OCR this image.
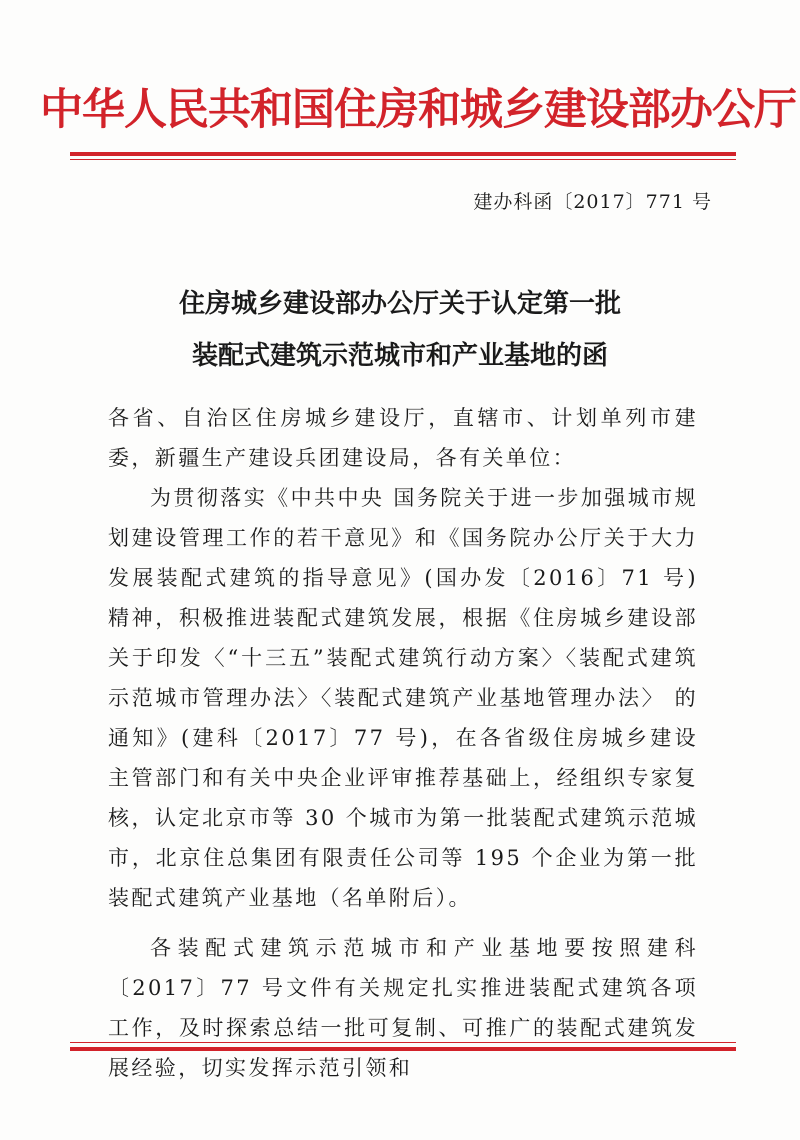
中华人民共和国住房和城乡建设部办公厅
建办科函〔2017〕771 号
住房城乡建设部办公厅关于认定第一批
装配式建筑示范城市和产业基地的函

各省、自治区住房城乡建设厅，直辖市、计划单列市建委，新疆生产建设兵团建设局，各有关单位：

为贯彻落实《中共中央 国务院关于进一步加强城市规划建设管理工作的若干意见》和《国务院办公厅关于大力发展装配式建筑的指导意见》(国办发〔2016〕71 号) 精神，积极推进装配式建筑发展，根据《住房城乡建设部关于印发〈“十三五”装配式建筑行动方案〉〈装配式建筑示范城市管理办法〉〈装配式建筑产业基地管理办法〉 的通知》(建科〔2017〕77 号)，在各省级住房城乡建设主管部门和有关中央企业评审推荐基础上，经组织专家复核，认定北京市等 30 个城市为第一批装配式建筑示范城市，北京住总集团有限责任公司等 195 个企业为第一批装配式建筑产业基地（名单附后）。

各装配式建筑示范城市和产业基地要按照建科〔2017〕77 号文件有关规定扎实推进装配式建筑各项工作，及时探索总结一批可复制、可推广的装配式建筑发展经验，切实发挥示范引领和
